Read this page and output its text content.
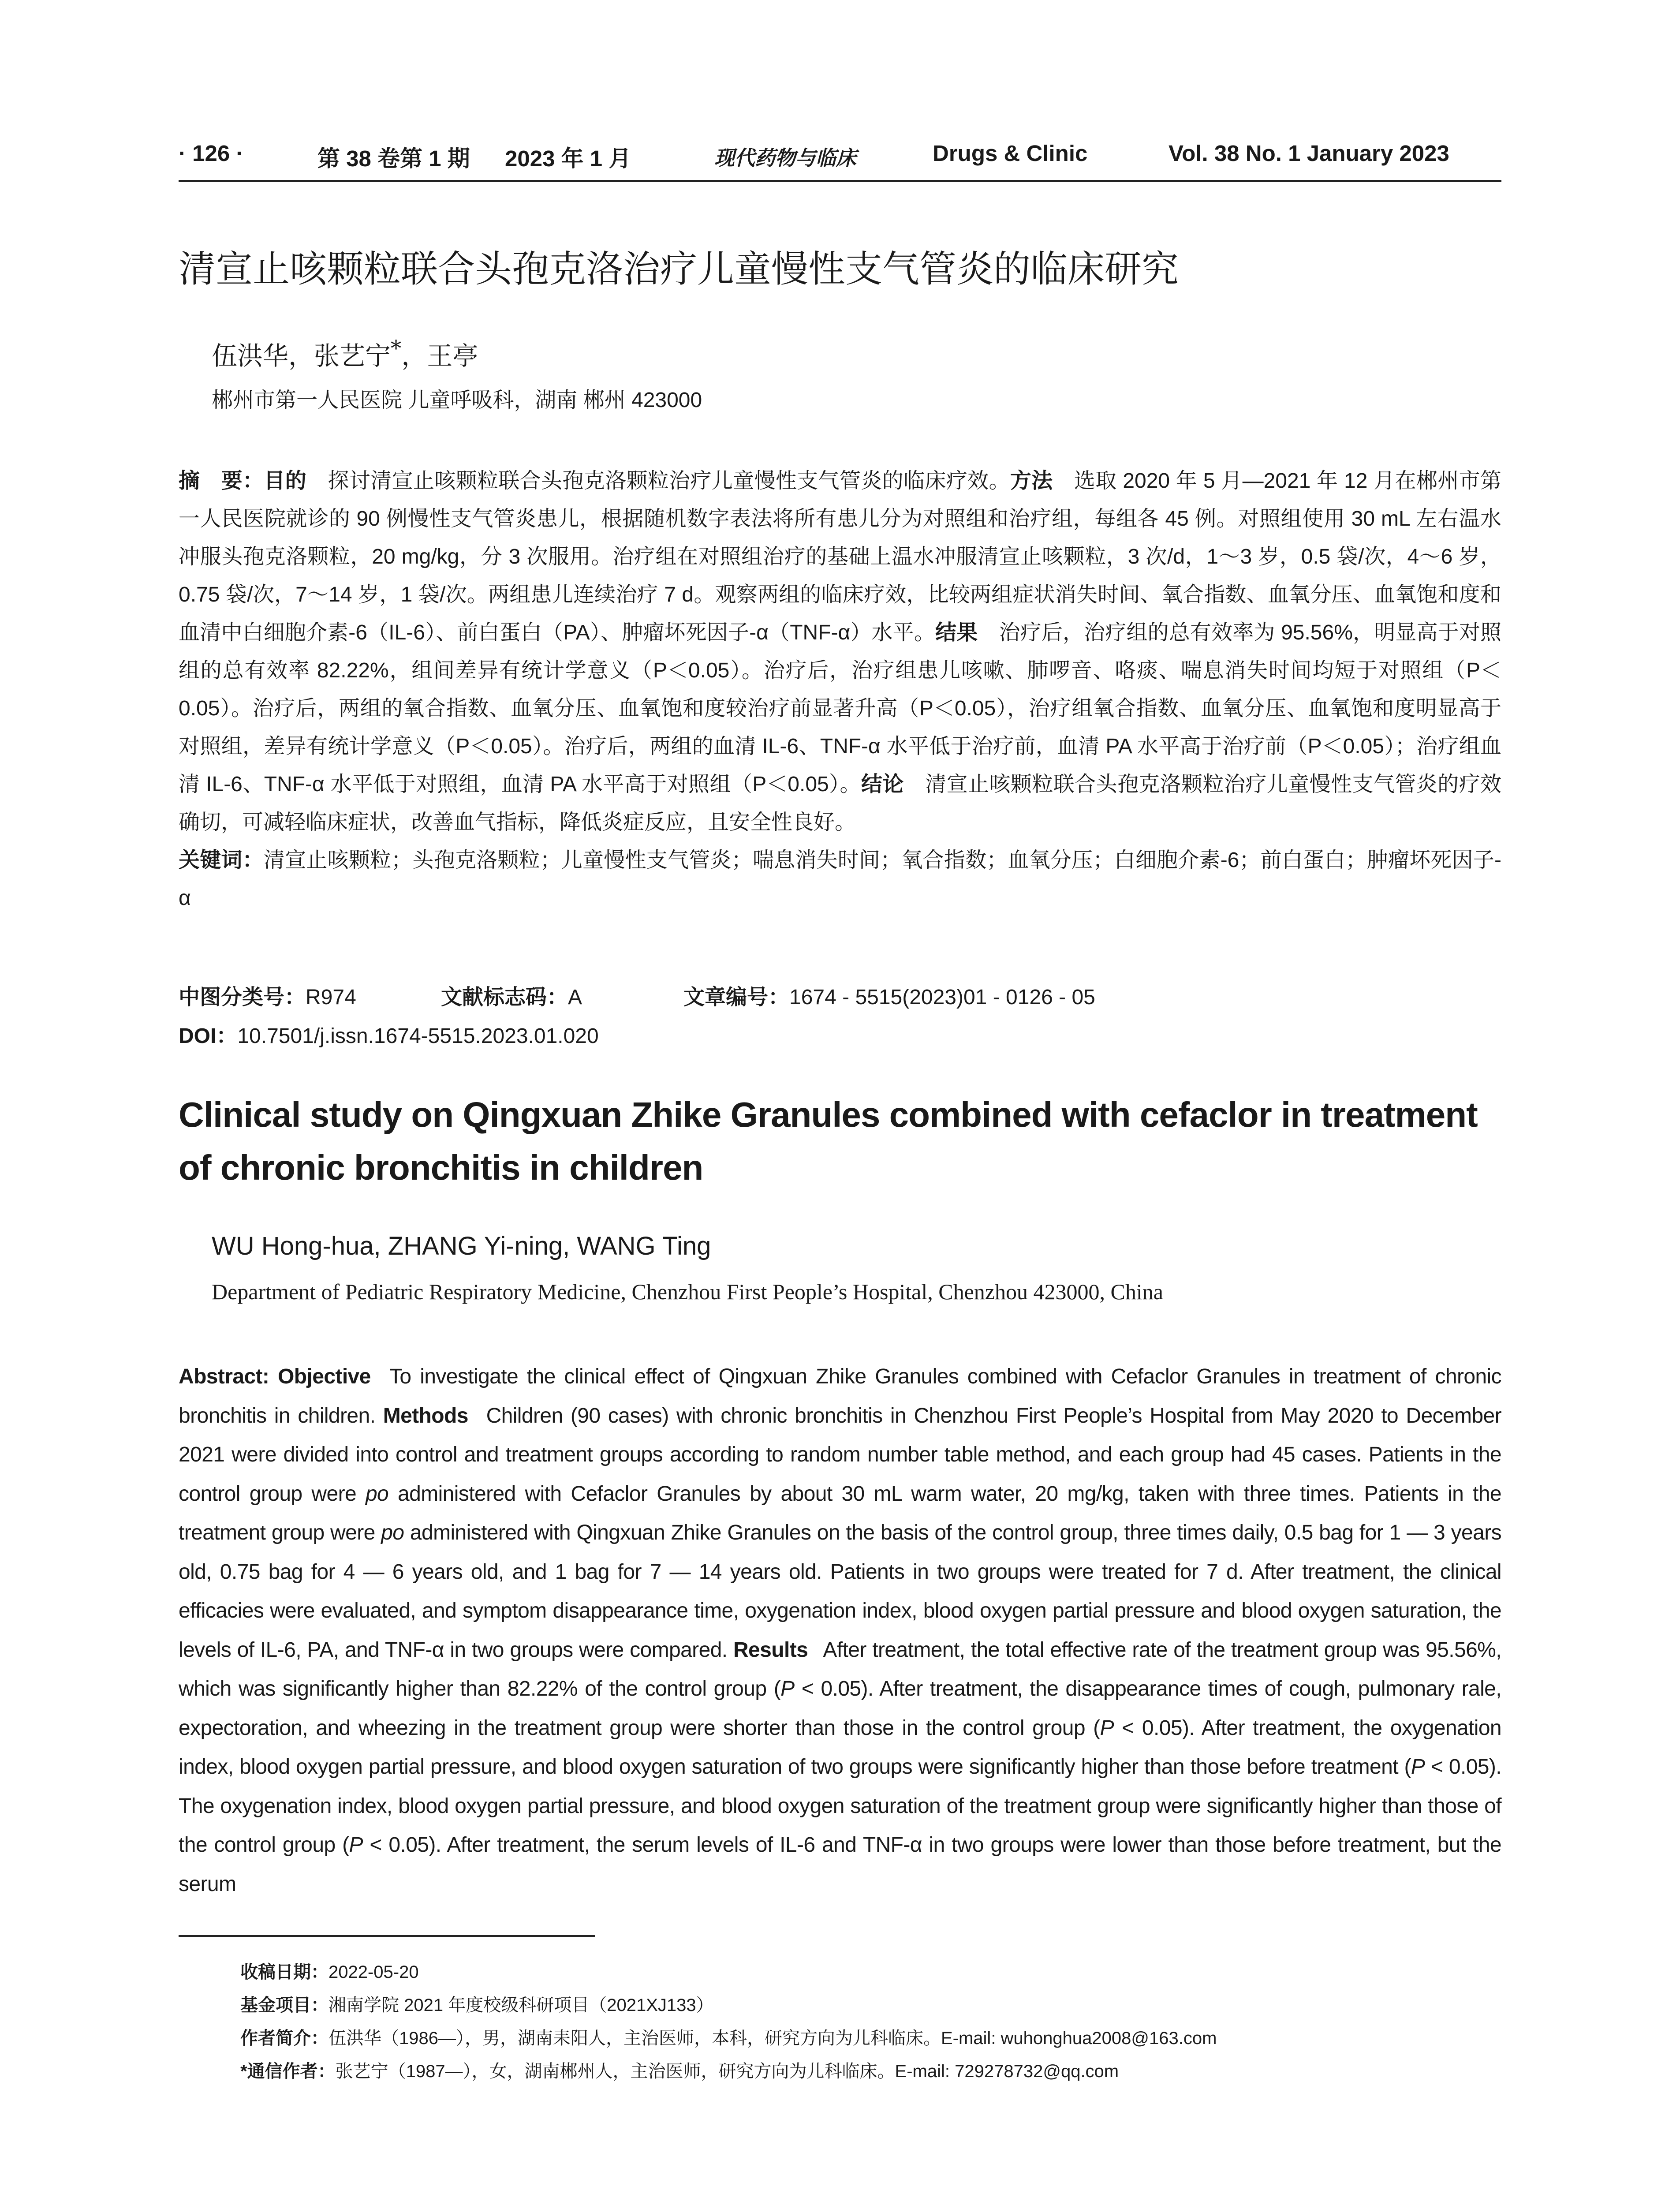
· 126 ·	第 38 卷第 1 期 2023 年 1 月	现代药物与临床	Drugs & Clinic	Vol. 38 No. 1 January 2023
清宣止咳颗粒联合头孢克洛治疗儿童慢性支气管炎的临床研究
伍洪华，张艺宁*，王亭
郴州市第一人民医院 儿童呼吸科，湖南 郴州 423000
摘　要：目的  探讨清宣止咳颗粒联合头孢克洛颗粒治疗儿童慢性支气管炎的临床疗效。方法  选取 2020 年 5 月—2021 年 12 月在郴州市第一人民医院就诊的 90 例慢性支气管炎患儿，根据随机数字表法将所有患儿分为对照组和治疗组，每组各 45 例。对照组使用 30 mL 左右温水冲服头孢克洛颗粒，20 mg/kg，分 3 次服用。治疗组在对照组治疗的基础上温水冲服清宣止咳颗粒，3 次/d，1～3 岁，0.5 袋/次，4～6 岁，0.75 袋/次，7～14 岁，1 袋/次。两组患儿连续治疗 7 d。观察两组的临床疗效，比较两组症状消失时间、氧合指数、血氧分压、血氧饱和度和血清中白细胞介素-6（IL-6）、前白蛋白（PA）、肿瘤坏死因子-α（TNF-α）水平。结果  治疗后，治疗组的总有效率为 95.56%，明显高于对照组的总有效率 82.22%，组间差异有统计学意义（P＜0.05）。治疗后，治疗组患儿咳嗽、肺啰音、咯痰、喘息消失时间均短于对照组（P＜0.05）。治疗后，两组的氧合指数、血氧分压、血氧饱和度较治疗前显著升高（P＜0.05），治疗组氧合指数、血氧分压、血氧饱和度明显高于对照组，差异有统计学意义（P＜0.05）。治疗后，两组的血清 IL-6、TNF-α 水平低于治疗前，血清 PA 水平高于治疗前（P＜0.05）；治疗组血清 IL-6、TNF-α 水平低于对照组，血清 PA 水平高于对照组（P＜0.05）。结论  清宣止咳颗粒联合头孢克洛颗粒治疗儿童慢性支气管炎的疗效确切，可减轻临床症状，改善血气指标，降低炎症反应，且安全性良好。
关键词：清宣止咳颗粒；头孢克洛颗粒；儿童慢性支气管炎；喘息消失时间；氧合指数；血氧分压；白细胞介素-6；前白蛋白；肿瘤坏死因子-α
中图分类号：R974	文献标志码：A	文章编号：1674 - 5515(2023)01 - 0126 - 05
DOI：10.7501/j.issn.1674-5515.2023.01.020
Clinical study on Qingxuan Zhike Granules combined with cefaclor in treatment of chronic bronchitis in children
WU Hong-hua, ZHANG Yi-ning, WANG Ting
Department of Pediatric Respiratory Medicine, Chenzhou First People’s Hospital, Chenzhou 423000, China
Abstract: Objective  To investigate the clinical effect of Qingxuan Zhike Granules combined with Cefaclor Granules in treatment of chronic bronchitis in children. Methods  Children (90 cases) with chronic bronchitis in Chenzhou First People’s Hospital from May 2020 to December 2021 were divided into control and treatment groups according to random number table method, and each group had 45 cases. Patients in the control group were po administered with Cefaclor Granules by about 30 mL warm water, 20 mg/kg, taken with three times. Patients in the treatment group were po administered with Qingxuan Zhike Granules on the basis of the control group, three times daily, 0.5 bag for 1 — 3 years old, 0.75 bag for 4 — 6 years old, and 1 bag for 7 — 14 years old. Patients in two groups were treated for 7 d. After treatment, the clinical efficacies were evaluated, and symptom disappearance time, oxygenation index, blood oxygen partial pressure and blood oxygen saturation, the levels of IL-6, PA, and TNF-α in two groups were compared. Results  After treatment, the total effective rate of the treatment group was 95.56%, which was significantly higher than 82.22% of the control group (P < 0.05). After treatment, the disappearance times of cough, pulmonary rale, expectoration, and wheezing in the treatment group were shorter than those in the control group (P < 0.05). After treatment, the oxygenation index, blood oxygen partial pressure, and blood oxygen saturation of two groups were significantly higher than those before treatment (P < 0.05). The oxygenation index, blood oxygen partial pressure, and blood oxygen saturation of the treatment group were significantly higher than those of the control group (P < 0.05). After treatment, the serum levels of IL-6 and TNF-α in two groups were lower than those before treatment, but the serum
收稿日期：2022-05-20
基金项目：湘南学院 2021 年度校级科研项目（2021XJ133）
作者简介：伍洪华（1986—），男，湖南耒阳人，主治医师，本科，研究方向为儿科临床。E-mail: wuhonghua2008@163.com
*通信作者：张艺宁（1987—），女，湖南郴州人，主治医师，研究方向为儿科临床。E-mail: 729278732@qq.com
